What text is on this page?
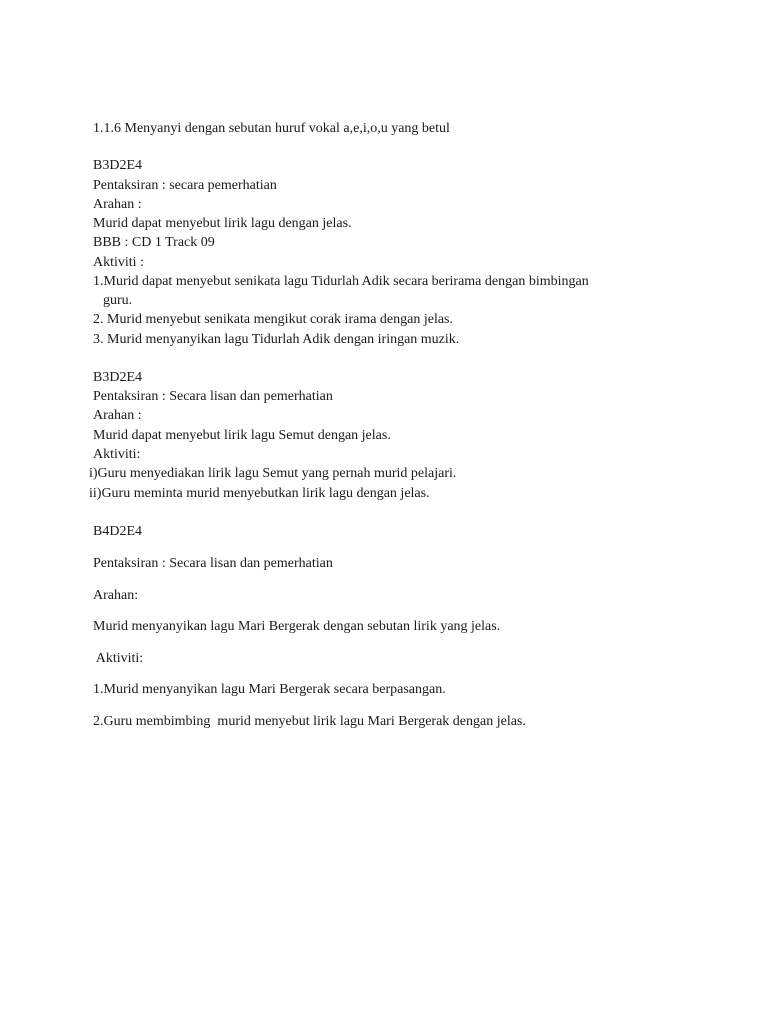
1.1.6 Menyanyi dengan sebutan huruf vokal a,e,i,o,u yang betul
B3D2E4
Pentaksiran : secara pemerhatian
Arahan :
Murid dapat menyebut lirik lagu dengan jelas.
BBB : CD 1 Track 09
Aktiviti :
1.Murid dapat menyebut senikata lagu Tidurlah Adik secara berirama dengan bimbingan
guru.
2. Murid menyebut senikata mengikut corak irama dengan jelas.
3. Murid menyanyikan lagu Tidurlah Adik dengan iringan muzik.
B3D2E4
Pentaksiran : Secara lisan dan pemerhatian
Arahan :
Murid dapat menyebut lirik lagu Semut dengan jelas.
Aktiviti:
i)Guru menyediakan lirik lagu Semut yang pernah murid pelajari.
ii)Guru meminta murid menyebutkan lirik lagu dengan jelas.
B4D2E4
Pentaksiran : Secara lisan dan pemerhatian
Arahan:
Murid menyanyikan lagu Mari Bergerak dengan sebutan lirik yang jelas.
Aktiviti:
1.Murid menyanyikan lagu Mari Bergerak secara berpasangan.
2.Guru membimbing  murid menyebut lirik lagu Mari Bergerak dengan jelas.
